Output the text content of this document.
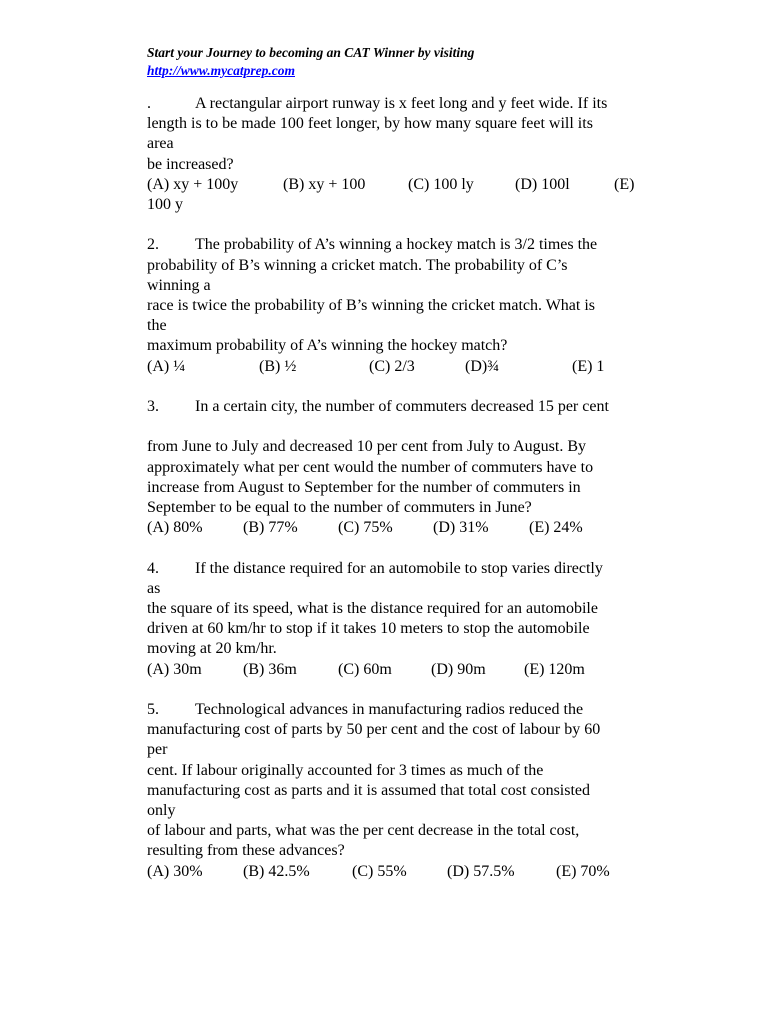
Start your Journey to becoming an CAT Winner by visiting
http://www.mycatprep.com
.	A rectangular airport runway is x feet long and y feet wide. If its
length is to be made 100 feet longer, by how many square feet will its
area
be increased?
(A) xy + 100y	(B) xy + 100	(C) 100 ly	(D) 100l	(E)
100 y
2. The probability of A’s winning a hockey match is 3/2 times the
probability of B’s winning a cricket match. The probability of C’s
winning a
race is twice the probability of B’s winning the cricket match. What is
the
maximum probability of A’s winning the hockey match?
(A) ¼	(B) ½	(C) 2/3	(D)¾	(E) 1
3. In a certain city, the number of commuters decreased 15 per cent
from June to July and decreased 10 per cent from July to August. By
approximately what per cent would the number of commuters have to
increase from August to September for the number of commuters in
September to be equal to the number of commuters in June?
(A) 80%	(B) 77%	(C) 75%	(D) 31%	(E) 24%
4. If the distance required for an automobile to stop varies directly
as
the square of its speed, what is the distance required for an automobile
driven at 60 km/hr to stop if it takes 10 meters to stop the automobile
moving at 20 km/hr.
(A) 30m	(B) 36m	(C) 60m (D) 90m (E) 120m
5. Technological advances in manufacturing radios reduced the
manufacturing cost of parts by 50 per cent and the cost of labour by 60
per
cent. If labour originally accounted for 3 times as much of the
manufacturing cost as parts and it is assumed that total cost consisted
only
of labour and parts, what was the per cent decrease in the total cost,
resulting from these advances?
(A) 30%	(B) 42.5%	(C) 55%	(D) 57.5%	(E) 70%
